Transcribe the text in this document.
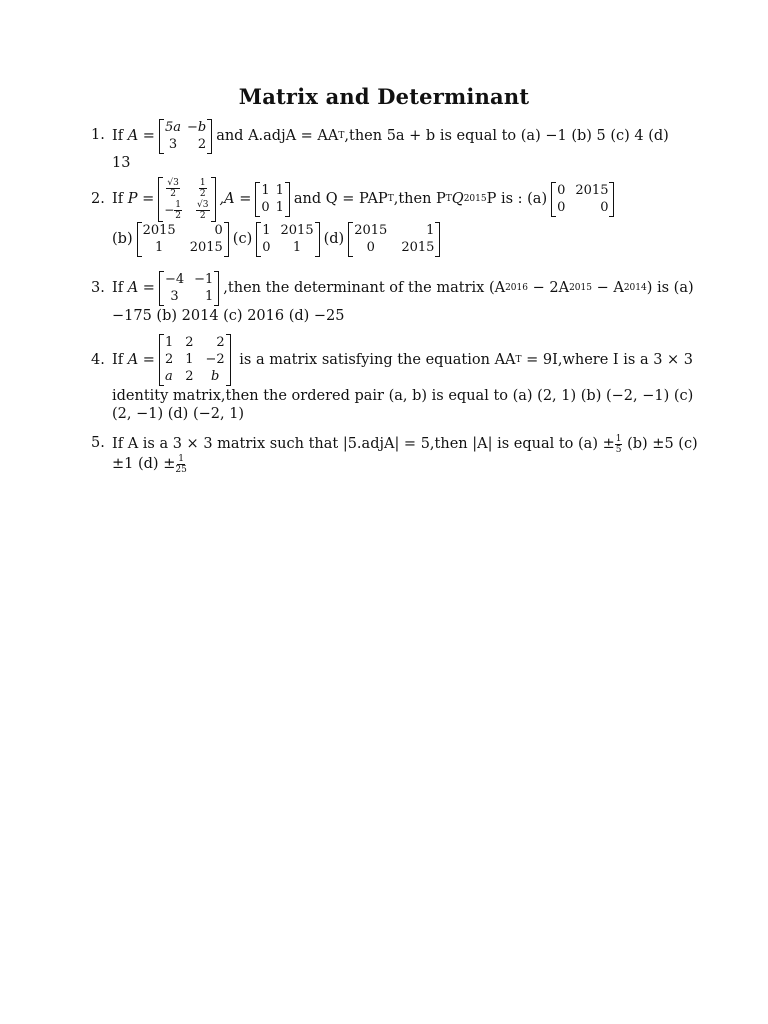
Matrix and Determinant
1. If
A =
5a −b
3	2 and A.adjA = AA T ,then 5a + b is equal to (a) −1 (b) 5 (c) 4 (d)
13
2. If
P =
$\frac{√3}{2} \frac{1}{2}$
− $\frac{1}{2} \frac{√3}{2}$
,A =
1 1
0 1 and Q = PAP T ,then P T Q 2015 P is : (a)
0 2015
0	0
(b)
2015	0
1	2015 (c)
1 2015
0	1	(d)
2015	1
0	2015
3. If
A =
−4 −1
3	1 ,then the determinant of the matrix (A 2016 − 2A 2015 − A 2014 ) is (a)
−175 (b) 2014 (c) 2016 (d) −25
4. If
A =
1 2	2
2 1 −2
a 2	b

is a matrix satisfying the equation AA T = 9I,where I is a 3 × 3
identity matrix,then the ordered pair (a, b) is equal to (a) (2, 1) (b) (−2, −1) (c)
(2, −1) (d) (−2, 1)
5. If A is a 3 × 3 matrix such that |5.adjA| = 5,then |A| is equal to $(a) \pm \frac{1}{5} (b) \pm 5$ (c)
±1 $(d) \pm \frac{1}{25}$
